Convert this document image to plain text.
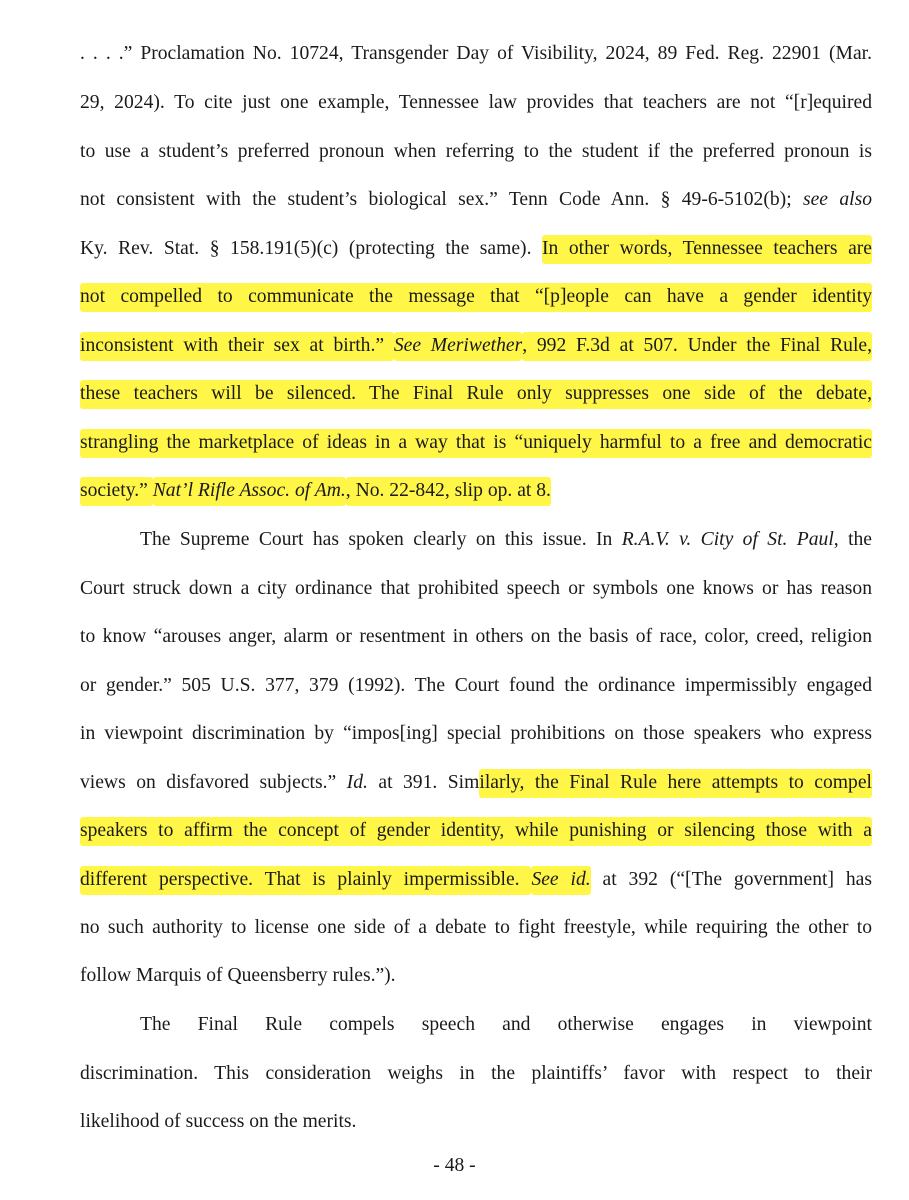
. . . .” Proclamation No. 10724, Transgender Day of Visibility, 2024, 89 Fed. Reg. 22901 (Mar.
29, 2024). To cite just one example, Tennessee law provides that teachers are not “[r]equired
to use a student’s preferred pronoun when referring to the student if the preferred pronoun is
not consistent with the student’s biological sex.” Tenn Code Ann. § 49-6-5102(b); see also
Ky. Rev. Stat. § 158.191(5)(c) (protecting the same). In other words, Tennessee teachers are
not compelled to communicate the message that “[p]eople can have a gender identity
inconsistent with their sex at birth.” See Meriwether, 992 F.3d at 507. Under the Final Rule,
these teachers will be silenced. The Final Rule only suppresses one side of the debate,
strangling the marketplace of ideas in a way that is “uniquely harmful to a free and democratic
society.” Nat’l Rifle Assoc. of Am., No. 22-842, slip op. at 8.
The Supreme Court has spoken clearly on this issue. In R.A.V. v. City of St. Paul, the
Court struck down a city ordinance that prohibited speech or symbols one knows or has reason
to know “arouses anger, alarm or resentment in others on the basis of race, color, creed, religion
or gender.” 505 U.S. 377, 379 (1992). The Court found the ordinance impermissibly engaged
in viewpoint discrimination by “impos[ing] special prohibitions on those speakers who express
views on disfavored subjects.” Id. at 391. Similarly, the Final Rule here attempts to compel
speakers to affirm the concept of gender identity, while punishing or silencing those with a
different perspective. That is plainly impermissible. See id. at 392 (“[The government] has
no such authority to license one side of a debate to fight freestyle, while requiring the other to
follow Marquis of Queensberry rules.”).
The Final Rule compels speech and otherwise engages in viewpoint
discrimination. This consideration weighs in the plaintiffs’ favor with respect to their
likelihood of success on the merits.
- 48 -
